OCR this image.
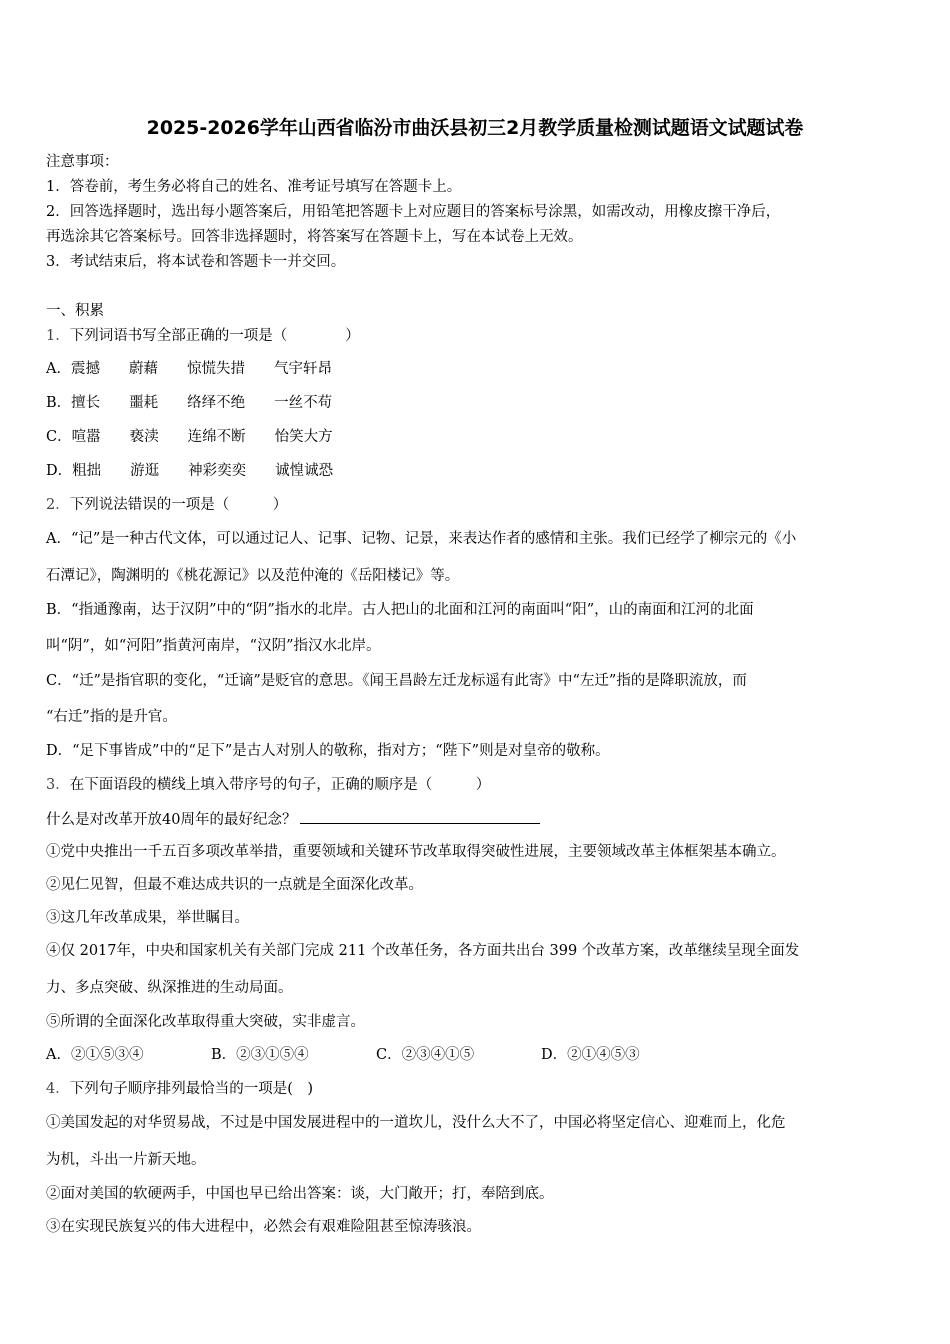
2025-2026学年山西省临汾市曲沃县初三2月教学质量检测试题语文试题试卷
注意事项：
1．答卷前，考生务必将自己的姓名、准考证号填写在答题卡上。
2．回答选择题时，选出每小题答案后，用铅笔把答题卡上对应题目的答案标号涂黑，如需改动，用橡皮擦干净后，
再选涂其它答案标号。回答非选择题时，将答案写在答题卡上，写在本试卷上无效。
3．考试结束后，将本试卷和答题卡一并交回。
一、积累
1．下列词语书写全部正确的一项是（　　　　）
A．震撼　　蔚藉　　惊慌失措　　气宇轩昂
B．擅长　　噩耗　　络绎不绝　　一丝不苟
C．喧嚣　　亵渎　　连绵不断　　怡笑大方
D．粗拙　　游逛　　神彩奕奕　　诚惶诚恐
2．下列说法错误的一项是（　　　）
A．“记”是一种古代文体，可以通过记人、记事、记物、记景，来表达作者的感情和主张。我们已经学了柳宗元的《小
石潭记》，陶渊明的《桃花源记》以及范仲淹的《岳阳楼记》等。
B．“指通豫南，达于汉阴”中的“阴”指水的北岸。古人把山的北面和江河的南面叫“阳”，山的南面和江河的北面
叫“阴”，如“河阳”指黄河南岸，“汉阴”指汉水北岸。
C．“迁”是指官职的变化，“迁谪”是贬官的意思。《闻王昌龄左迁龙标遥有此寄》中“左迁”指的是降职流放，而
“右迁”指的是升官。
D．“足下事皆成”中的“足下”是古人对别人的敬称，指对方；“陛下”则是对皇帝的敬称。
3．在下面语段的横线上填入带序号的句子，正确的顺序是（　　　）
什么是对改革开放40周年的最好纪念？
①党中央推出一千五百多项改革举措，重要领域和关键环节改革取得突破性进展，主要领域改革主体框架基本确立。
②见仁见智，但最不难达成共识的一点就是全面深化改革。
③这几年改革成果，举世瞩目。
④仅 2017年，中央和国家机关有关部门完成 211 个改革任务，各方面共出台 399 个改革方案，改革继续呈现全面发
力、多点突破、纵深推进的生动局面。
⑤所谓的全面深化改革取得重大突破，实非虚言。
A．②①⑤③④	B．②③①⑤④	C．②③④①⑤	D．②①④⑤③
4．下列句子顺序排列最恰当的一项是(　)
①美国发起的对华贸易战，不过是中国发展进程中的一道坎儿，没什么大不了，中国必将坚定信心、迎难而上，化危
为机，斗出一片新天地。
②面对美国的软硬两手，中国也早已给出答案：谈，大门敞开；打，奉陪到底。
③在实现民族复兴的伟大进程中，必然会有艰难险阻甚至惊涛骇浪。
